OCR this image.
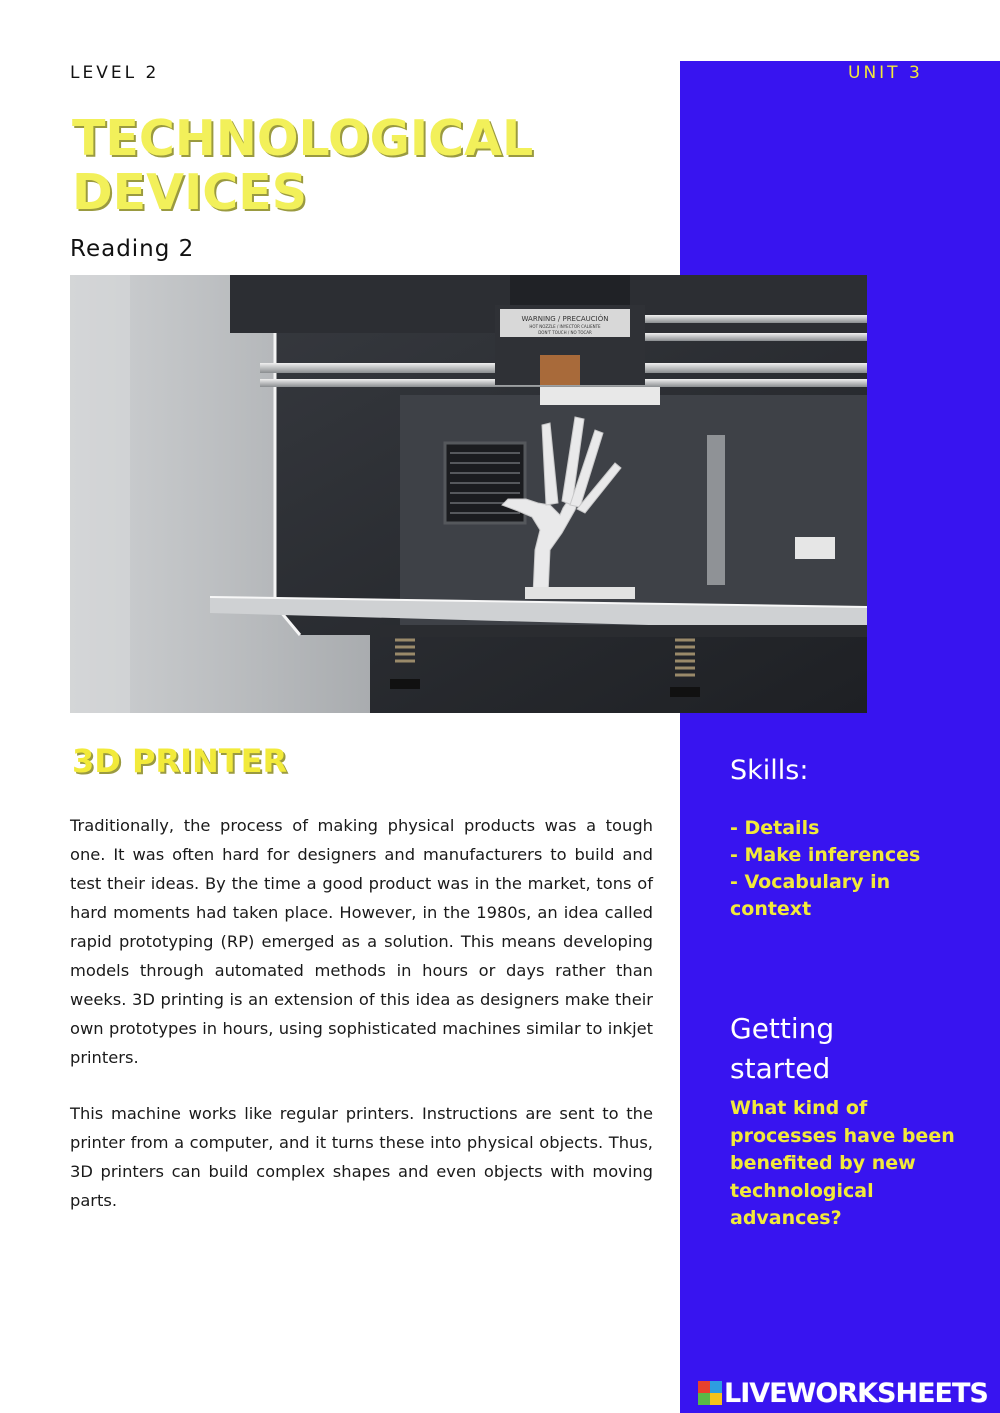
LEVEL 2	UNIT 3
TECHNOLOGICAL
DEVICES
Reading 2
WARNING / PRECAUCIÓN
HOT NOZZLE / INYECTOR CALIENTE
DON'T TOUCH / NO TOCAR
3D PRINTER

Traditionally, the process of making physical products was a tough one. It was often hard for designers and manufacturers to build and test their ideas. By the time a good product was in the market, tons of hard moments had taken place. However, in the 1980s, an idea called rapid prototyping (RP) emerged as a solution. This means developing models through automated methods in hours or days rather than weeks. 3D printing is an extension of this idea as designers make their own prototypes in hours, using sophisticated machines similar to inkjet printers.

This machine works like regular printers. Instructions are sent to the printer from a computer, and it turns these into physical objects. Thus, 3D printers can build complex shapes and even objects with moving parts.

Skills:
- Details
- Make inferences
- Vocabulary in context
Getting started

What kind of processes have been benefited by new technological advances?

LIVEWORKSHEETS
